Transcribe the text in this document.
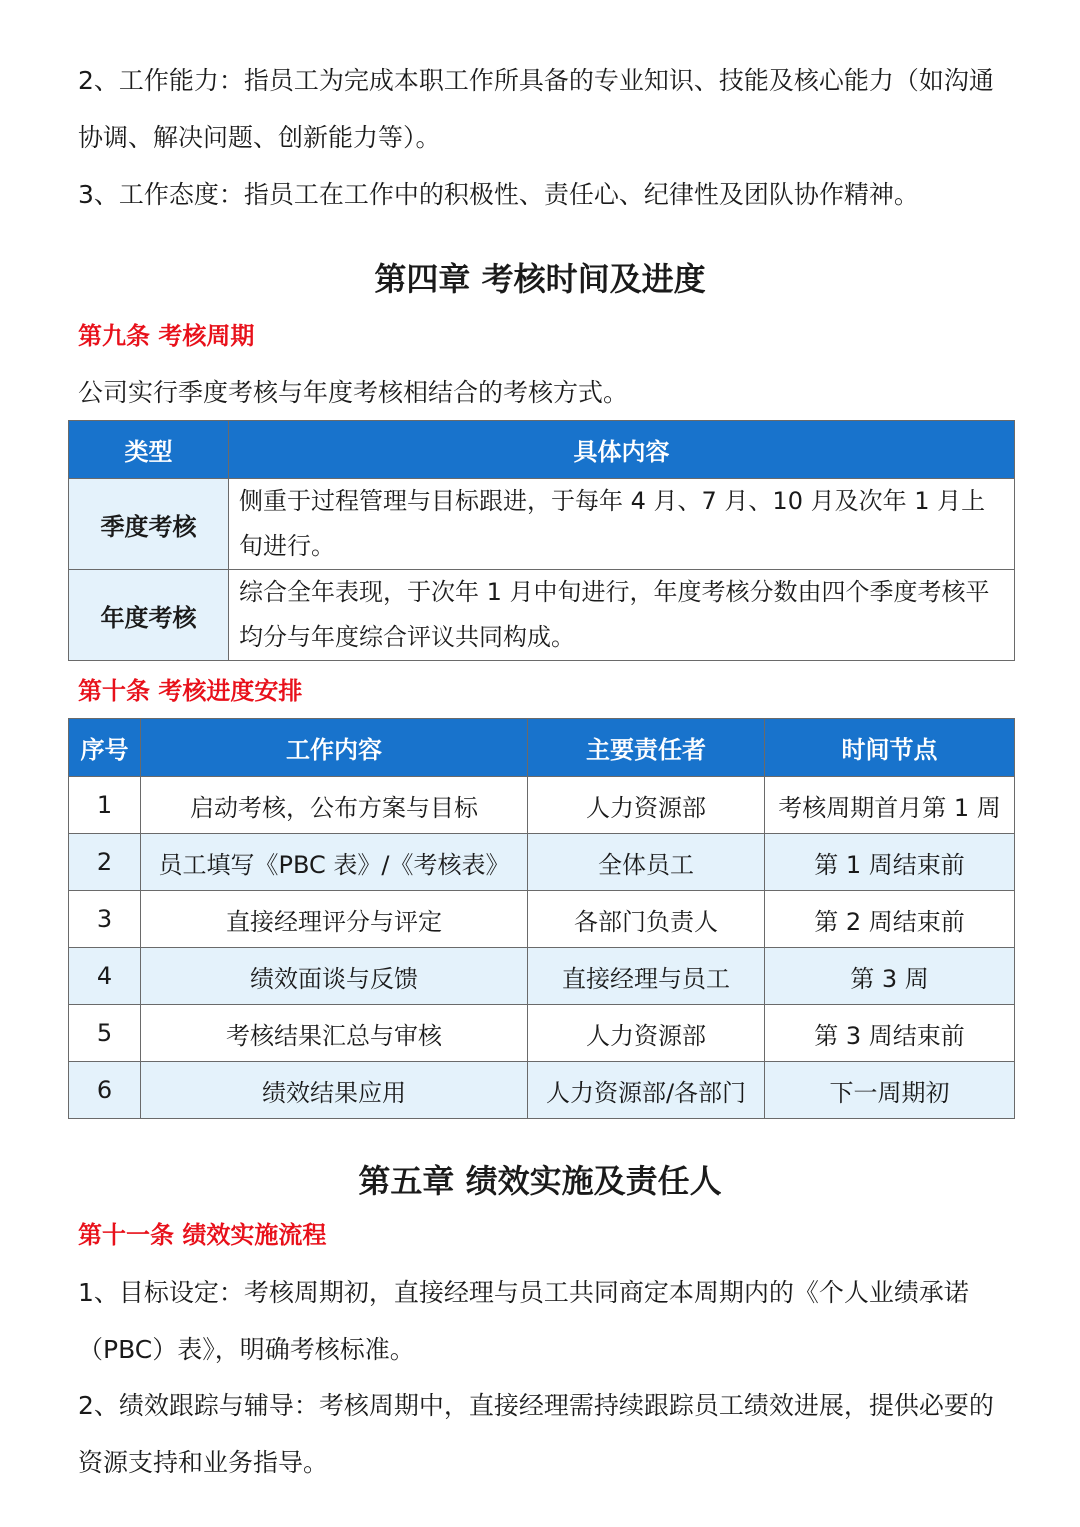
2、工作能力：指员工为完成本职工作所具备的专业知识、技能及核心能力（如沟通协调、解决问题、创新能力等）。

3、工作态度：指员工在工作中的积极性、责任心、纪律性及团队协作精神。

第四章 考核时间及进度
第九条 考核周期

公司实行季度考核与年度考核相结合的考核方式。

类型	具体内容
季度考核	侧重于过程管理与目标跟进，于每年 4 月、7 月、10 月及次年 1 月上旬进行。
年度考核	综合全年表现，于次年 1 月中旬进行，年度考核分数由四个季度考核平均分与年度综合评议共同构成。
第十条 考核进度安排
序号	工作内容	主要责任者	时间节点
1	启动考核，公布方案与目标	人力资源部	考核周期首月第 1 周
2	员工填写《PBC 表》/《考核表》	全体员工	第 1 周结束前
3	直接经理评分与评定	各部门负责人	第 2 周结束前
4	绩效面谈与反馈	直接经理与员工	第 3 周
5	考核结果汇总与审核	人力资源部	第 3 周结束前
6	绩效结果应用	人力资源部/各部门	下一周期初
第五章 绩效实施及责任人
第十一条 绩效实施流程

1、目标设定：考核周期初，直接经理与员工共同商定本周期内的《个人业绩承诺（PBC）表》，明确考核标准。

2、绩效跟踪与辅导：考核周期中，直接经理需持续跟踪员工绩效进展，提供必要的资源支持和业务指导。
